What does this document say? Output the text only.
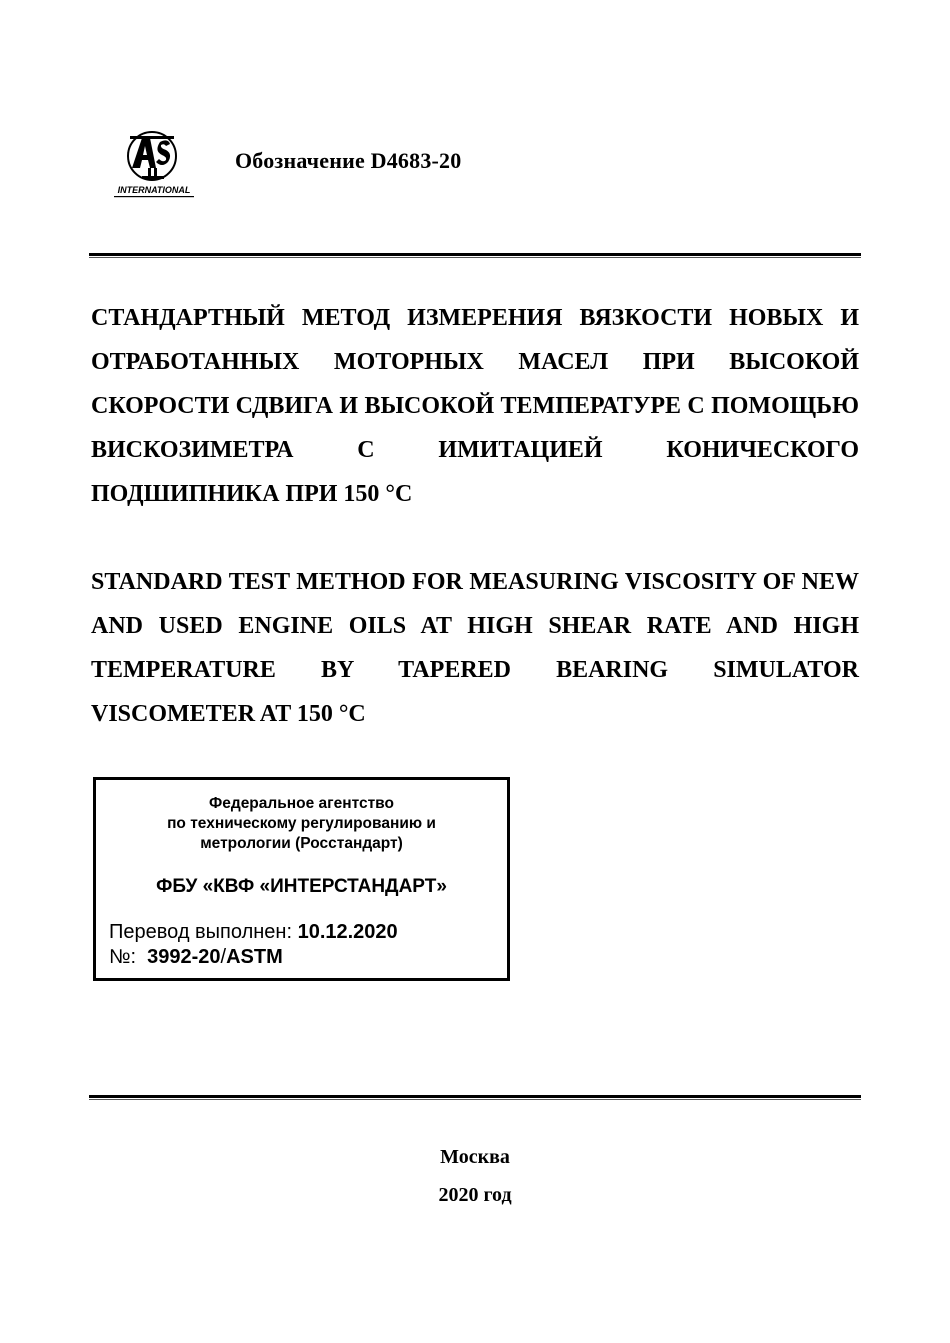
INTERNATIONAL
Обозначение D4683-20
СТАНДАРТНЫЙ МЕТОД ИЗМЕРЕНИЯ ВЯЗКОСТИ НОВЫХ И ОТРАБОТАННЫХ МОТОРНЫХ МАСЕЛ ПРИ ВЫСОКОЙ СКОРОСТИ СДВИГА И ВЫСОКОЙ ТЕМПЕРАТУРЕ С ПОМОЩЬЮ ВИСКОЗИМЕТРА С ИМИТАЦИЕЙ КОНИЧЕСКОГО ПОДШИПНИКА ПРИ 150 °C
STANDARD TEST METHOD FOR MEASURING VISCOSITY OF NEW AND USED ENGINE OILS AT HIGH SHEAR RATE AND HIGH TEMPERATURE BY TAPERED BEARING SIMULATOR VISCOMETER AT 150 °C
Федеральное агентство
по техническому регулированию и
метрологии (Росстандарт)
ФБУ «КВФ «ИНТЕРСТАНДАРТ»
Перевод выполнен: 10.12.2020
№: 3992-20/ASTM
Москва
2020 год
